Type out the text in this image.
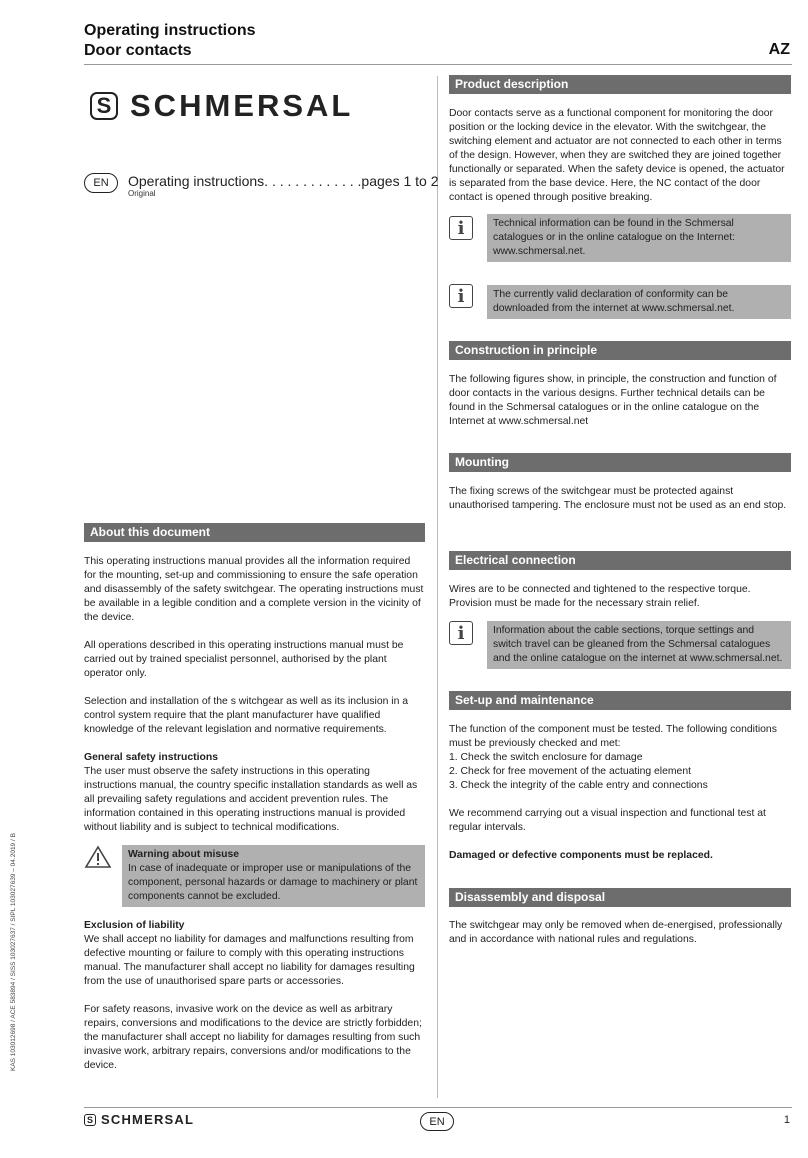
Operating instructions
Door contacts	AZ
S SCHMERSAL
EN	Operating instructions. . . . . . . . . . . . .pages 1 to 2
Original
About this document
This operating instructions manual provides all the information required for the mounting, set-up and commissioning to ensure the safe operation and disassembly of the safety switchgear. The operating instructions must be available in a legible condition and a complete version in the vicinity of the device.
All operations described in this operating instructions manual must be carried out by trained specialist personnel, authorised by the plant operator only.
Selection and installation of the s witchgear as well as its inclusion in a control system require that the plant manufacturer have qualified knowledge of the relevant legislation and normative requirements.

General safety instructions

The user must observe the safety instructions in this operating instructions manual, the country specific installation standards as well as all prevailing safety regulations and accident prevention rules. The information contained in this operating instructions manual is provided without liability and is subject to technical modifications.

Warning about misuse
In case of inadequate or improper use or manipulations of the component, personal hazards or damage to machinery or plant components cannot be excluded.

Exclusion of liability

We shall accept no liability for damages and malfunctions resulting from defective mounting or failure to comply with this operating instructions manual. The manufacturer shall accept no liability for damages resulting from the use of unauthorised spare parts or accessories.

For safety reasons, invasive work on the device as well as arbitrary repairs, conversions and modifications to the device are strictly forbidden; the manufacturer shall accept no liability for damages resulting from such invasive work, arbitrary repairs, conversions and/or modifications to the device.
Product description
Door contacts serve as a functional component for monitoring the door position or the locking device in the elevator. With the switchgear, the switching element and actuator are not connected to each other in terms of the design. However, when they are switched they are joined together functionally or separated. When the safety device is opened, the actuator is separated from the base device. Here, the NC contact of the door contact is opened through positive breaking.
i	Technical information can be found in the Schmersal catalogues or in the online catalogue on the Internet: www.schmersal.net.
i	The currently valid declaration of conformity can be downloaded from the internet at www.schmersal.net.
Construction in principle
The following figures show, in principle, the construction and function of door contacts in the various designs. Further technical details can be found in the Schmersal catalogues or in the online catalogue on the Internet at www.schmersal.net
Mounting
The fixing screws of the switchgear must be protected against unauthorised tampering. The enclosure must not be used as an end stop.
Electrical connection
Wires are to be connected and tightened to the respective torque. Provision must be made for the necessary strain relief.
i	Information about the cable sections, torque settings and switch travel can be gleaned from the Schmersal catalogues and the online catalogue on the internet at www.schmersal.net.
Set-up and maintenance

The function of the component must be tested. The following conditions must be previously checked and met:

1. Check the switch enclosure for damage

2. Check for free movement of the actuating element

3. Check the integrity of the cable entry and connections

We recommend carrying out a visual inspection and functional test at regular intervals.
Damaged or defective components must be replaced.
Disassembly and disposal
The switchgear may only be removed when de-energised, professionally and in accordance with national rules and regulations.
KAS 103012698 / ACE 583894 / SISS 103027637 / SIPL 103027639 – 04.2019 / B
S SCHMERSAL	EN	1
